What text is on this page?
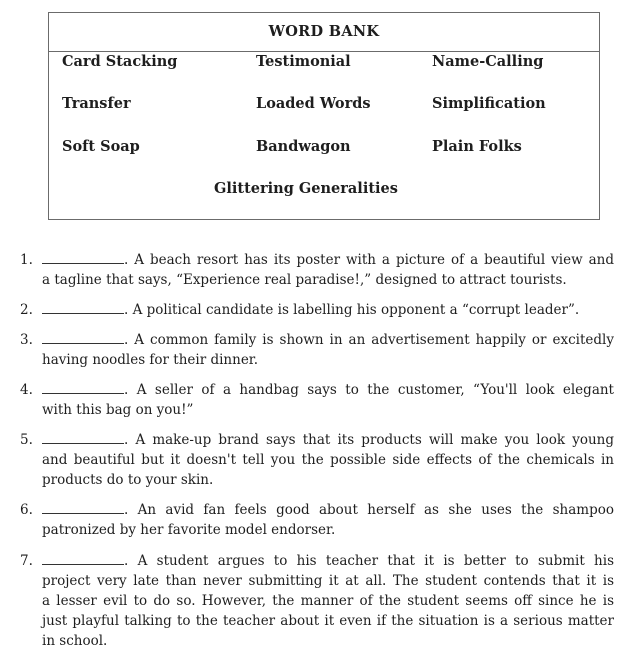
WORD BANK
Card Stacking	Testimonial	Name-Calling
Transfer	Loaded Words	Simplification
Soft Soap	Bandwagon	Plain Folks
Glittering Generalities
1.	. A beach resort has its poster with a picture of a beautiful view and
a tagline that says, “Experience real paradise!,” designed to attract tourists.
2.	. A political candidate is labelling his opponent a “corrupt leader”.
3.	. A common family is shown in an advertisement happily or excitedly
having noodles for their dinner.
4.	. A seller of a handbag says to the customer, “You'll look elegant
with this bag on you!”
5.	. A make-up brand says that its products will make you look young
and beautiful but it doesn't tell you the possible side effects of the chemicals in
products do to your skin.
6.	. An avid fan feels good about herself as she uses the shampoo
patronized by her favorite model endorser.
7.	. A student argues to his teacher that it is better to submit his
project very late than never submitting it at all. The student contends that it is
a lesser evil to do so. However, the manner of the student seems off since he is
just playful talking to the teacher about it even if the situation is a serious matter
in school.
